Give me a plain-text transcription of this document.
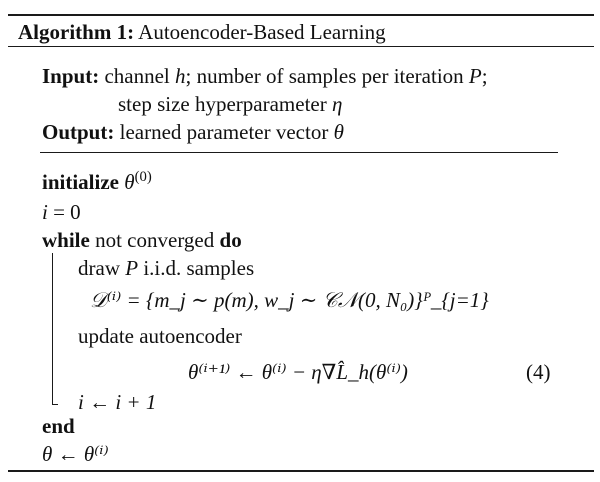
Algorithm 1: Autoencoder-Based Learning
Input: channel h; number of samples per iteration P;
step size hyperparameter η
Output: learned parameter vector θ
initialize $\theta^{(0)}$
i = 0
while not converged do
draw P i.i.d. samples
𝒟⁽ⁱ⁾ = {m_j ∼ p(m), w_j ∼ 𝒞𝒩(0, N₀)}ᴾ_{j=1}
update autoencoder
θ⁽ⁱ⁺¹⁾ ← θ⁽ⁱ⁾ − η∇L̂_h(θ⁽ⁱ⁾)	(4)
i ← i + 1
end
θ ← θ⁽ⁱ⁾
